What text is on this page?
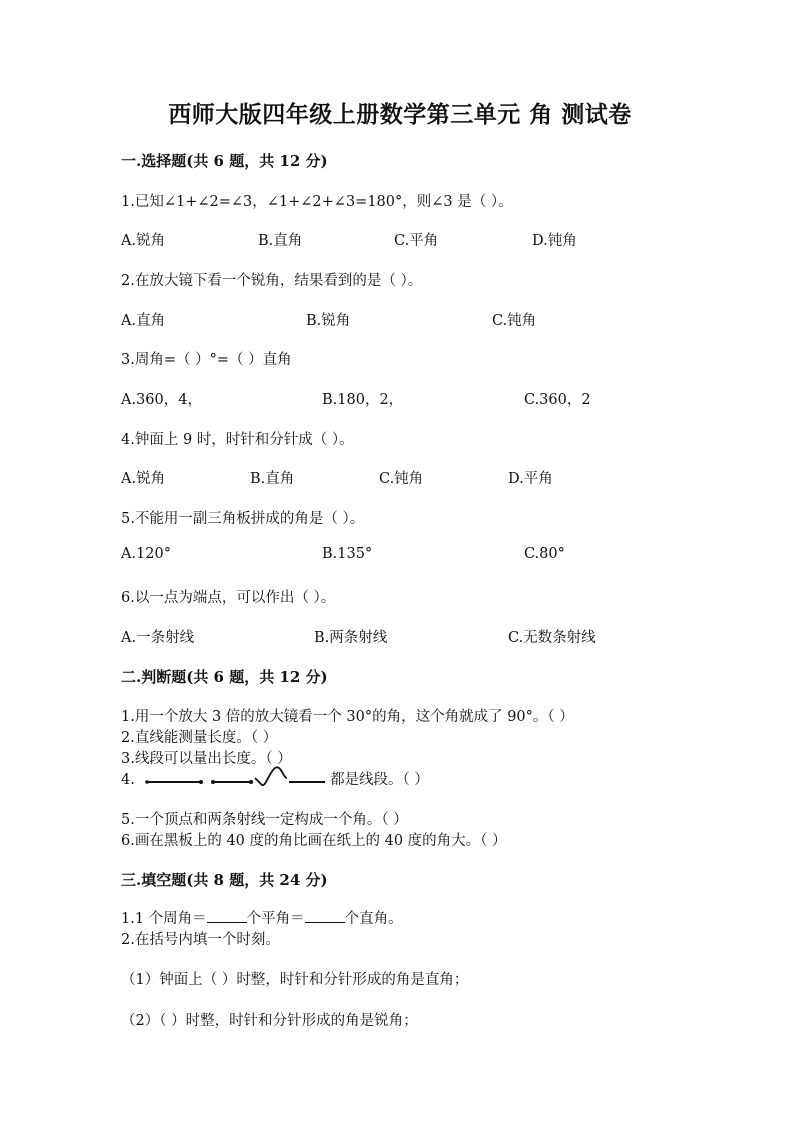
西师大版四年级上册数学第三单元 角 测试卷
一.选择题(共 6 题，共 12 分)
1.已知∠1+∠2=∠3，∠1+∠2+∠3=180°，则∠3 是（ ）。
A.锐角	B.直角	C.平角	D.钝角
2.在放大镜下看一个锐角，结果看到的是（ ）。
A.直角	B.锐角	C.钝角
3.周角=（ ）°=（ ）直角
A.360，4，	B.180，2，	C.360，2
4.钟面上 9 时，时针和分针成（ ）。
A.锐角	B.直角	C.钝角	D.平角
5.不能用一副三角板拼成的角是（ ）。
A.120°	B.135°	C.80°
6.以一点为端点，可以作出（ ）。
A.一条射线	B.两条射线	C.无数条射线
二.判断题(共 6 题，共 12 分)
1.用一个放大 3 倍的放大镜看一个 30°的角，这个角就成了 90°。（ ）
2.直线能测量长度。（ ）
3.线段可以量出长度。（ ）
4.	都是线段。（ ）
5.一个顶点和两条射线一定构成一个角。（ ）
6.画在黑板上的 40 度的角比画在纸上的 40 度的角大。（ ）
三.填空题(共 8 题，共 24 分)
1.1 个周角＝	个平角＝	个直角。
2.在括号内填一个时刻。
（1）钟面上（ ）时整，时针和分针形成的角是直角；
（2）（ ）时整，时针和分针形成的角是锐角；
